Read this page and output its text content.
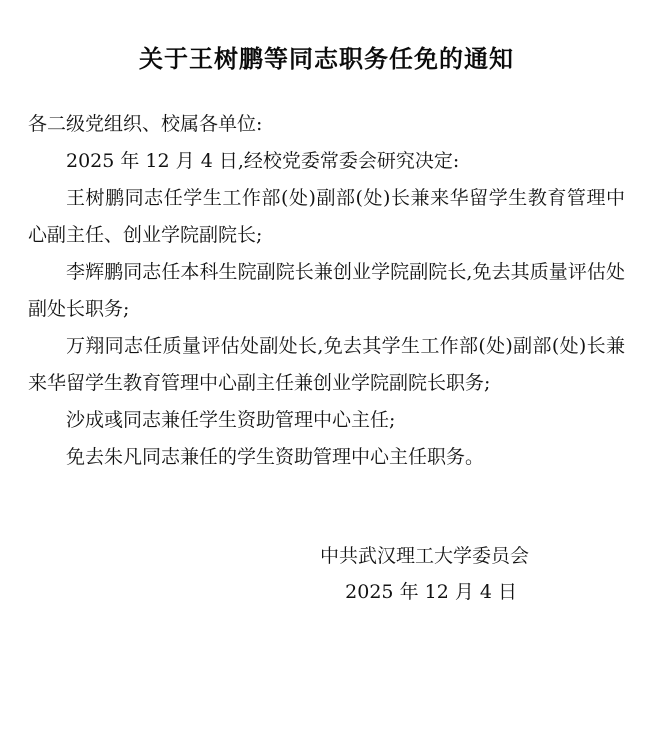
关于王树鹏等同志职务任免的通知

各二级党组织、校属各单位:

2025 年 12 月 4 日,经校党委常委会研究决定:

王树鹏同志任学生工作部(处)副部(处)长兼来华留学生教育管理中心副主任、创业学院副院长;

李辉鹏同志任本科生院副院长兼创业学院副院长,免去其质量评估处副处长职务;

万翔同志任质量评估处副处长,免去其学生工作部(处)副部(处)长兼来华留学生教育管理中心副主任兼创业学院副院长职务;

沙成彧同志兼任学生资助管理中心主任;

免去朱凡同志兼任的学生资助管理中心主任职务。

中共武汉理工大学委员会

2025 年 12 月 4 日
